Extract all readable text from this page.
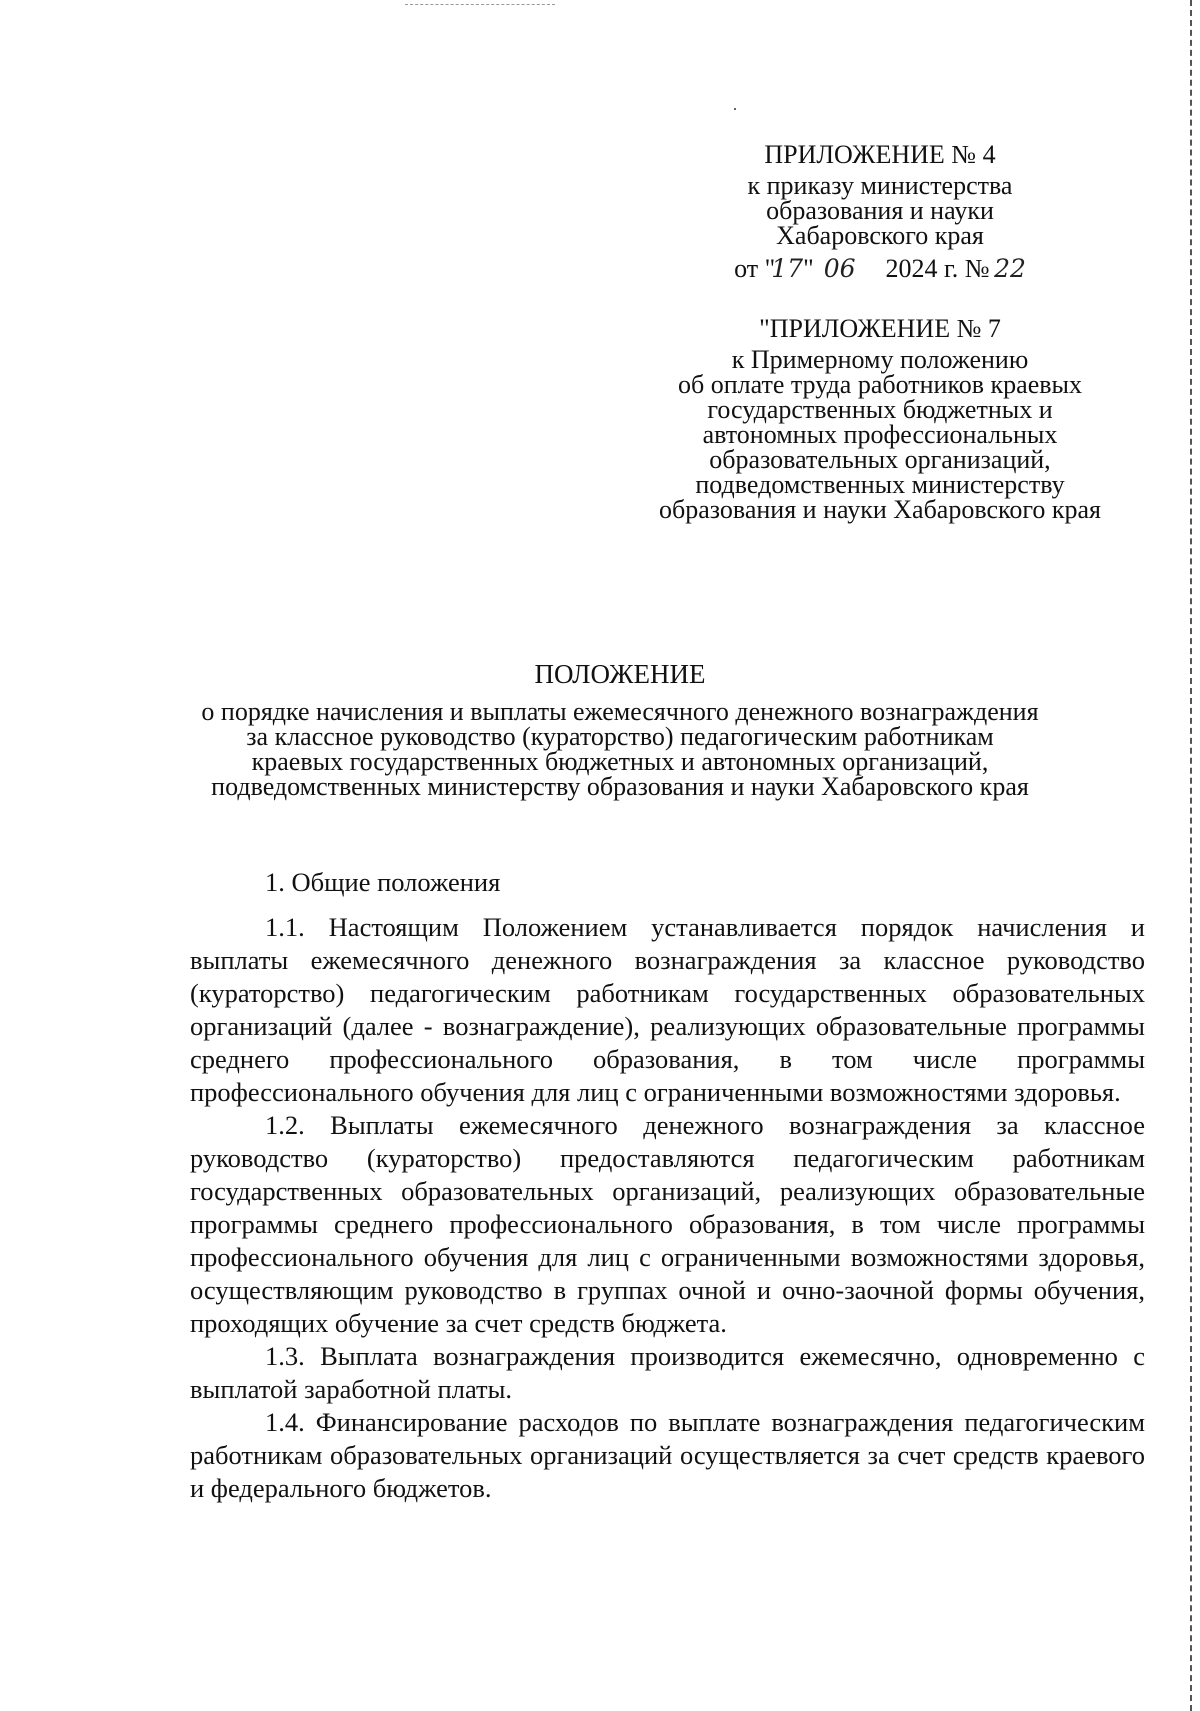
ПРИЛОЖЕНИЕ № 4
к приказу министерства
образования и науки
Хабаровского края
от "17" 06 2024 г. № 22
"ПРИЛОЖЕНИЕ № 7
к Примерному положению
об оплате труда работников краевых
государственных бюджетных и
автономных профессиональных
образовательных организаций,
подведомственных министерству
образования и науки Хабаровского края
ПОЛОЖЕНИЕ
о порядке начисления и выплаты ежемесячного денежного вознаграждения
за классное руководство (кураторство) педагогическим работникам
краевых государственных бюджетных и автономных организаций,
подведомственных министерству образования и науки Хабаровского края
1. Общие положения

1.1. Настоящим Положением устанавливается порядок начисления и выплаты ежемесячного денежного вознаграждения за классное руководство (кураторство) педагогическим работникам государственных образовательных организаций (далее - вознаграждение), реализующих образовательные программы среднего профессионального образования, в том числе программы профессионального обучения для лиц с ограниченными возможностями здоровья.

1.2. Выплаты ежемесячного денежного вознаграждения за классное руководство (кураторство) предоставляются педагогическим работникам государственных образовательных организаций, реализующих образовательные программы среднего профессионального образования, в том числе программы профессионального обучения для лиц с ограниченными возможностями здоровья, осуществляющим руководство в группах очной и очно-заочной формы обучения, проходящих обучение за счет средств бюджета.

1.3. Выплата вознаграждения производится ежемесячно, одновременно с выплатой заработной платы.

1.4. Финансирование расходов по выплате вознаграждения педагогическим работникам образовательных организаций осуществляется за счет средств краевого и федерального бюджетов.
